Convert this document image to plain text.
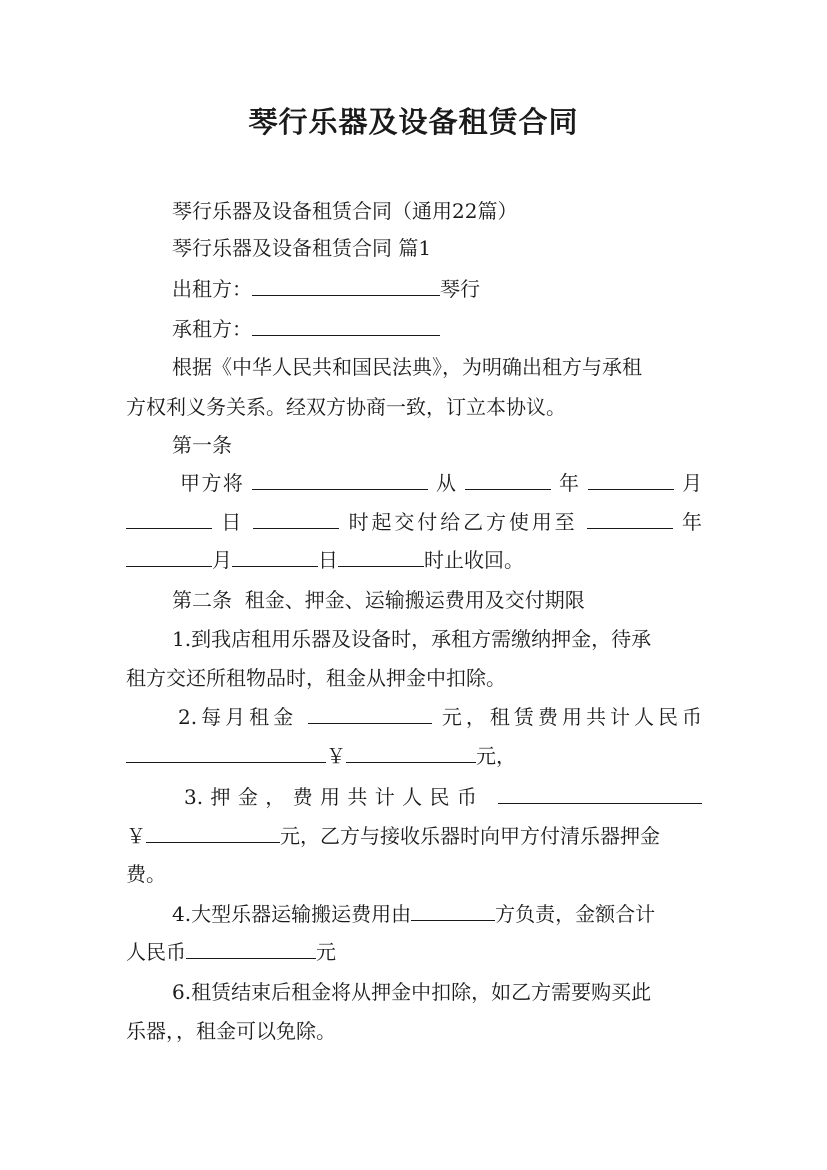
琴行乐器及设备租赁合同
琴行乐器及设备租赁合同（通用22篇）
琴行乐器及设备租赁合同 篇1
出租方：	琴行
承租方：
根据《中华人民共和国民法典》，为明确出租方与承租
方权利义务关系。经双方协商一致，订立本协议。
第一条
甲方将	从	年	月
日	时起交付给乙方使用至	年
月	日	时止收回。
第二条  租金、押金、运输搬运费用及交付期限
1.到我店租用乐器及设备时，承租方需缴纳押金，待承
租方交还所租物品时，租金从押金中扣除。
2.每月租金	元，租赁费用共计人民币
￥	元，
3.押金，费用共计人民币
￥	元，乙方与接收乐器时向甲方付清乐器押金
费。
4.大型乐器运输搬运费用由	方负责，金额合计
人民币	元
6.租赁结束后租金将从押金中扣除，如乙方需要购买此
乐器，，租金可以免除。
